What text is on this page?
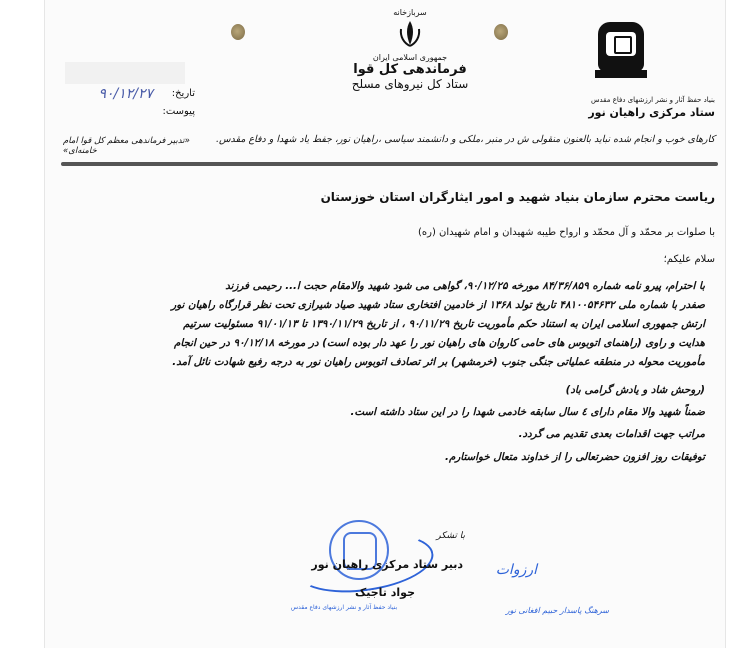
بنیاد حفظ آثار و نشر ارزشهای دفاع مقدس
ستاد مرکزی راهیان نور
سربازخانه
جمهوری اسلامی ایران
فرماندهی کل قوا
ستاد کل نیروهای مسلح
۹۰/۱۲/۲۷	تاریخ:
پیوست:
کارهای خوب و انجام شده نباید بالعنون منقولی ش در منبر ،ملکی و دانشمند سیاسی ،راهیان نور، جفط یاد شهدا و دفاع مقدس.
«تدبیر فرماندهی معظم کل قوا امام خامنه‌ای»
ریاست محترم سازمان بنیاد شهید و امور ایثارگران استان خوزستان
با صلوات بر محمّد و آل محمّد و ارواح طیبه شهیدان و امام شهیدان (ره)
سلام علیکم؛
با احترام، پیرو نامه شماره ۸۴/۳۶/۸۵۹ مورخه ۹۰/۱۲/۲۵، گواهی می شود شهید والامقام حجت ا... رحیمی فرزند
صفدر با شماره ملی ۴۸۱۰۰۵۴۶۳۲ تاریخ تولد ۱۳۶۸ از خادمین افتخاری ستاد شهید صیاد شیرازی تحت نظر قرارگاه راهیان نور
ارتش جمهوری اسلامی ایران به استناد حکم مأموریت تاریخ ۹۰/۱۱/۲۹ ، از تاریخ ۱۳۹۰/۱۱/۲۹ تا ۹۱/۰۱/۱۳ مسئولیت سرتیم
هدایت و راوی (راهنمای اتوبوس های حامی کاروان های راهیان نور را عهد دار بوده است) در مورخه ۹۰/۱۲/۱۸ در حین انجام
مأموریت محوله در منطقه عملیاتی جنگی جنوب (خرمشهر) بر اثر تصادف اتوبوس راهیان نور به درجه رفیع شهادت نائل آمد.
(روحش شاد و یادش گرامی باد)
ضمناً شهید والا مقام دارای ٤ سال سابقه خادمی شهدا را در این ستاد داشته است.
مراتب جهت اقدامات بعدی تقدیم می گردد.
توفیقات روز افزون حضرتعالی را از خداوند متعال خواستارم.
با تشکر
دبیر ستاد مرکزی راهیان نور
جواد تاجیک
ارزوات
سرهنگ پاسدار حبیم افغانی نور
بنیاد حفظ آثار و نشر ارزشهای دفاع مقدس
